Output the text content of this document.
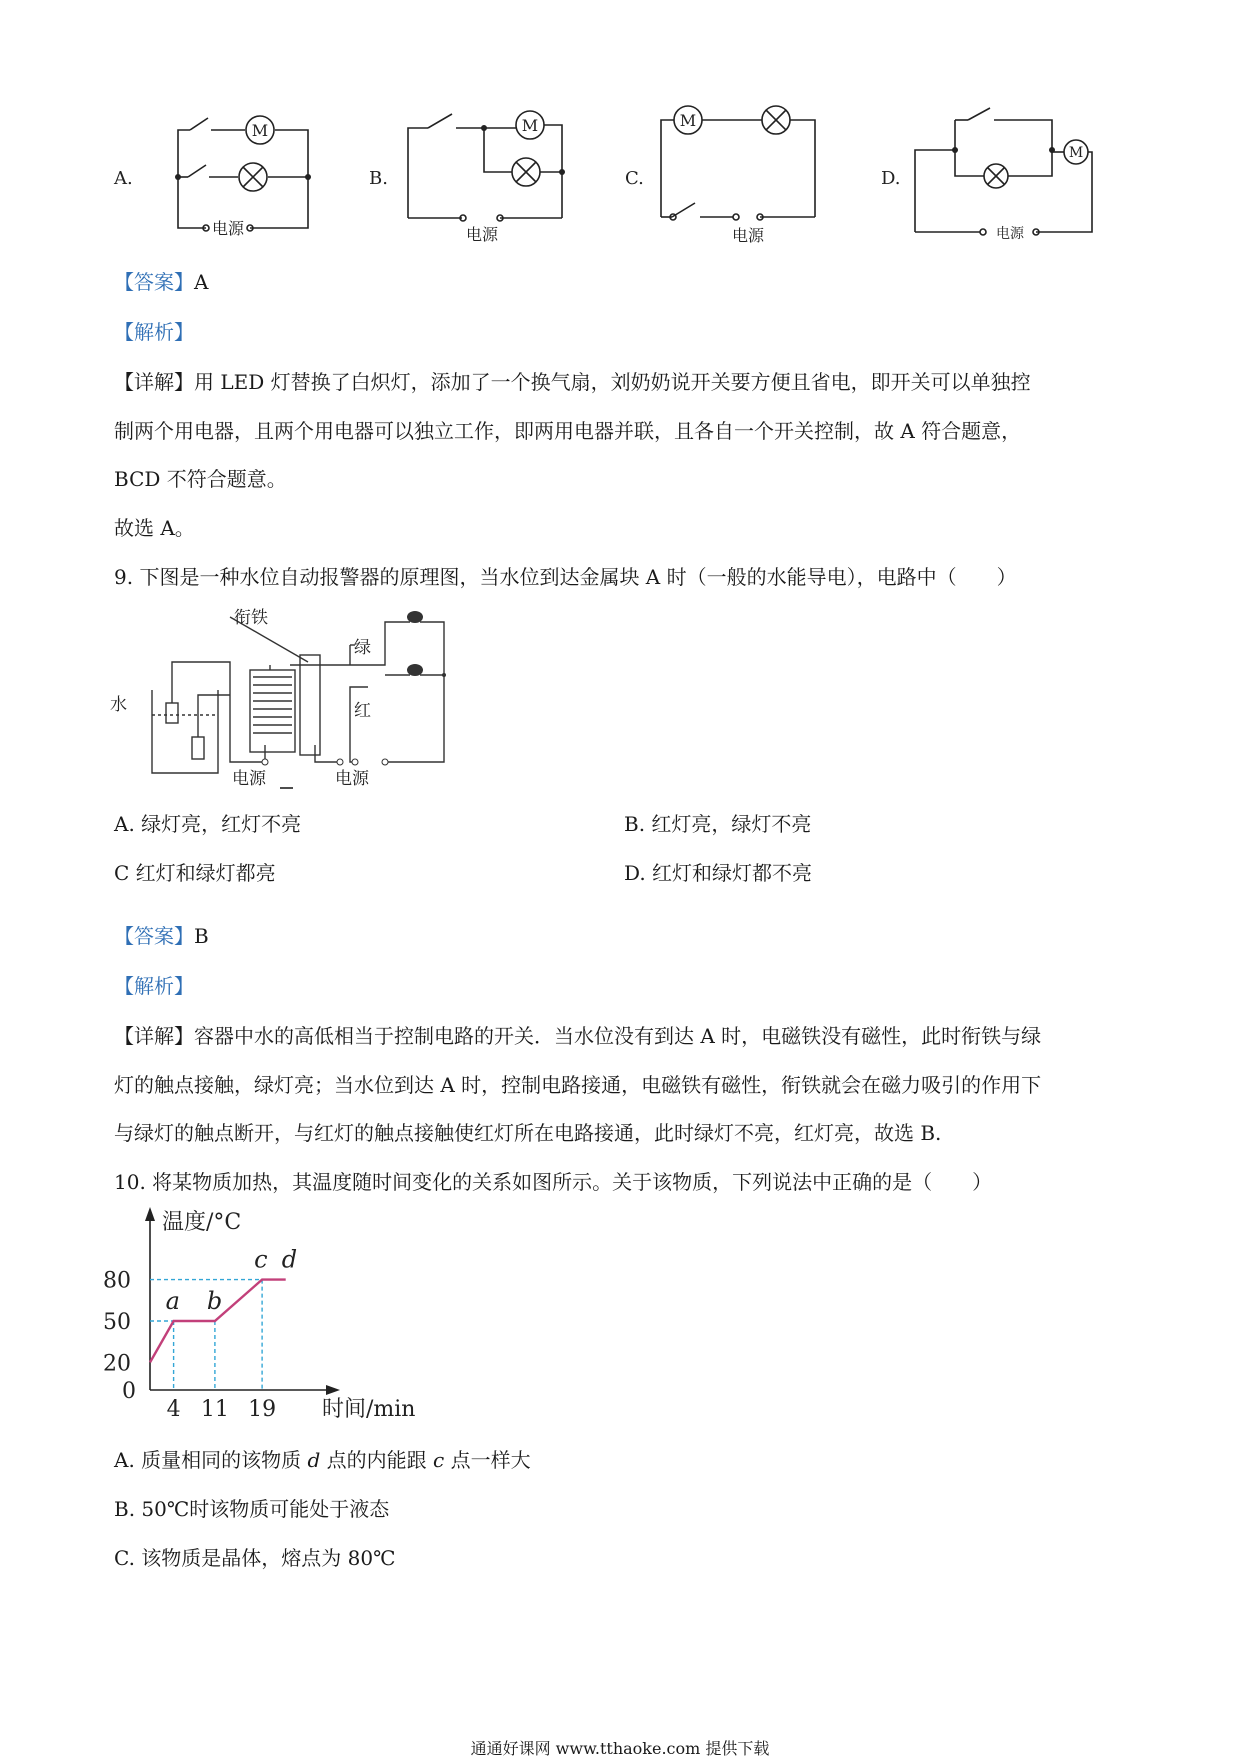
M	M	M
M
A.	B.	C.	D.
电源	电源	电源	电源
【答案】A
【解析】
【详解】用 LED 灯替换了白炽灯，添加了一个换气扇，刘奶奶说开关要方便且省电，即开关可以单独控
制两个用电器，且两个用电器可以独立工作，即两用电器并联，且各自一个开关控制，故 A 符合题意，
BCD 不符合题意。
故选 A。
9. 下图是一种水位自动报警器的原理图，当水位到达金属块 A 时（一般的水能导电），电路中（　　）
衔铁
水
绿
红
电源	电源
A. 绿灯亮，红灯不亮	B. 红灯亮，绿灯不亮
C 红灯和绿灯都亮	D. 红灯和绿灯都不亮
【答案】B
【解析】
【详解】容器中水的高低相当于控制电路的开关．当水位没有到达 A 时，电磁铁没有磁性，此时衔铁与绿
灯的触点接触，绿灯亮；当水位到达 A 时，控制电路接通，电磁铁有磁性，衔铁就会在磁力吸引的作用下
与绿灯的触点断开，与红灯的触点接触使红灯所在电路接通，此时绿灯不亮，红灯亮，故选 B.
10. 将某物质加热，其温度随时间变化的关系如图所示。关于该物质，下列说法中正确的是（　　）
温度/°C
时间/min
0
20
50
80
4 11 19
a b
c d
A. 质量相同的该物质 d 点的内能跟 c 点一样大
B. 50℃时该物质可能处于液态
C. 该物质是晶体，熔点为 80℃
通通好课网 www.tthaoke.com 提供下载
